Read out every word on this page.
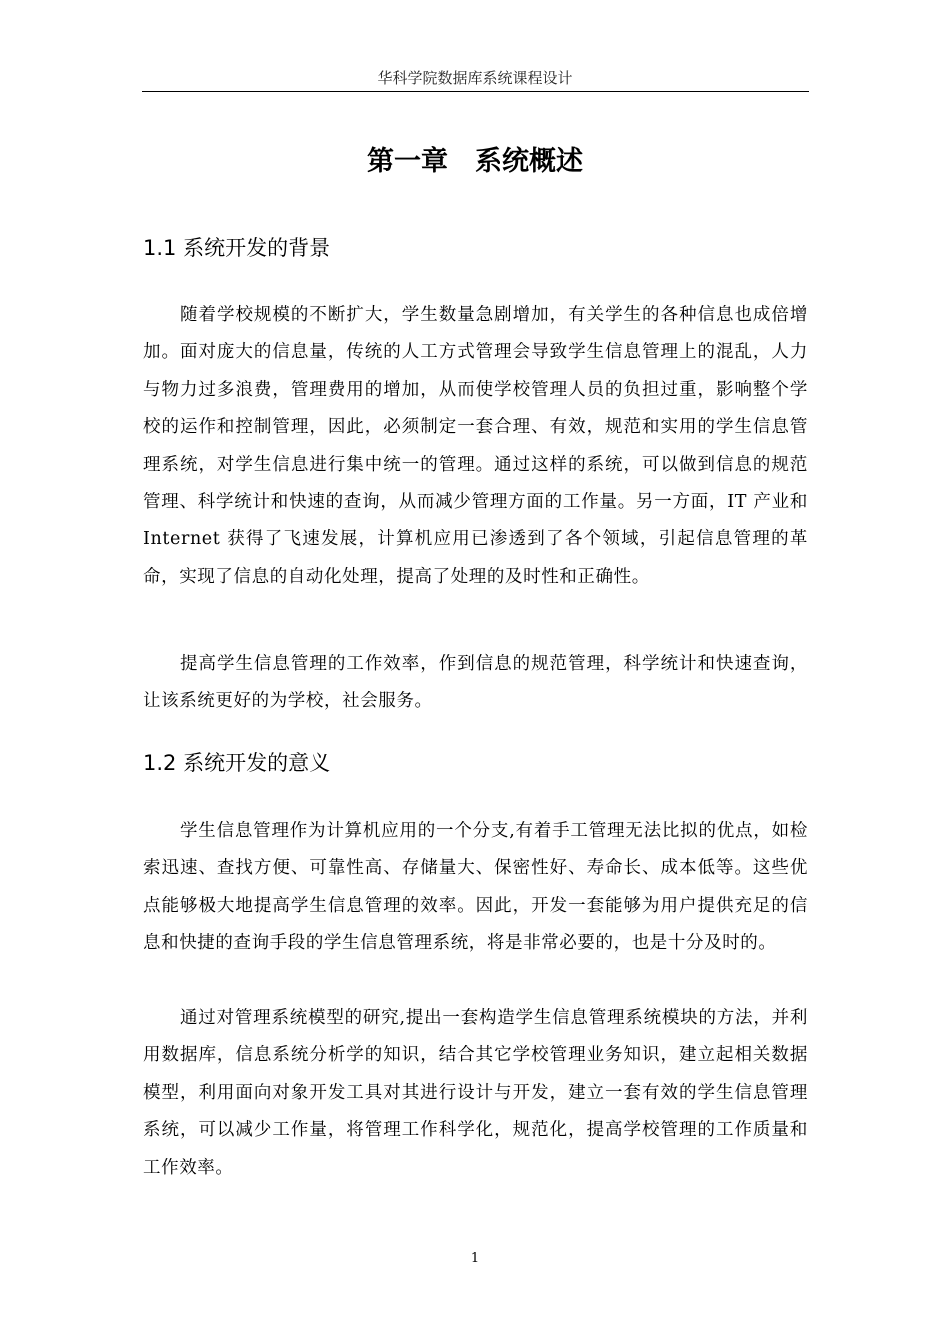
华科学院数据库系统课程设计
第一章　系统概述
1.1 系统开发的背景

随着学校规模的不断扩大，学生数量急剧增加，有关学生的各种信息也成倍增加。面对庞大的信息量，传统的人工方式管理会导致学生信息管理上的混乱，人力与物力过多浪费，管理费用的增加，从而使学校管理人员的负担过重，影响整个学校的运作和控制管理，因此，必须制定一套合理、有效，规范和实用的学生信息管理系统，对学生信息进行集中统一的管理。通过这样的系统，可以做到信息的规范管理、科学统计和快速的查询，从而减少管理方面的工作量。另一方面，IT 产业和 Internet 获得了飞速发展，计算机应用已渗透到了各个领域，引起信息管理的革命，实现了信息的自动化处理，提高了处理的及时性和正确性。

提高学生信息管理的工作效率，作到信息的规范管理，科学统计和快速查询，让该系统更好的为学校，社会服务。

1.2 系统开发的意义

学生信息管理作为计算机应用的一个分支,有着手工管理无法比拟的优点，如检索迅速、查找方便、可靠性高、存储量大、保密性好、寿命长、成本低等。这些优点能够极大地提高学生信息管理的效率。因此，开发一套能够为用户提供充足的信息和快捷的查询手段的学生信息管理系统，将是非常必要的，也是十分及时的。

通过对管理系统模型的研究,提出一套构造学生信息管理系统模块的方法，并利用数据库，信息系统分析学的知识，结合其它学校管理业务知识，建立起相关数据模型，利用面向对象开发工具对其进行设计与开发，建立一套有效的学生信息管理系统，可以减少工作量，将管理工作科学化，规范化，提高学校管理的工作质量和工作效率。

1
